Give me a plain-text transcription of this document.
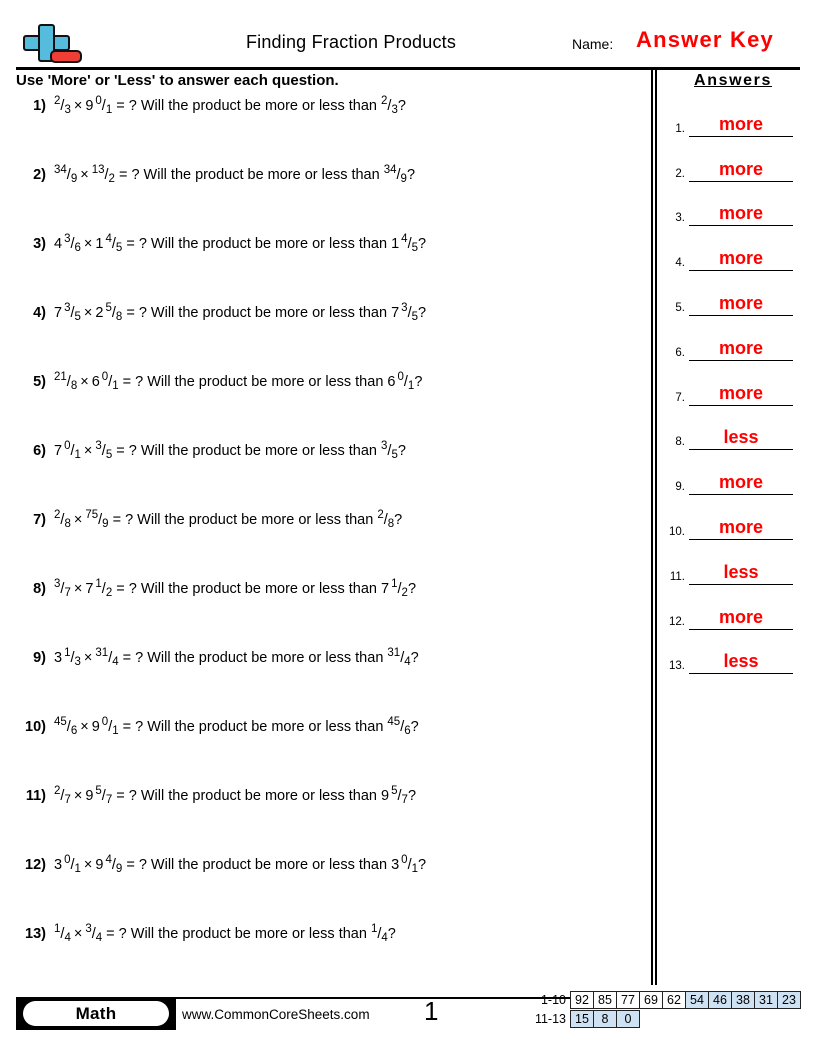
Finding Fraction Products	Name: Answer Key
Use 'More' or 'Less' to answer each question.
1) $^2/_3 \times 9$ $^0/_1$ = ? Will the product be more or less than $^2/_3$?
2) $^{34}/_9 \times ^{13}/_2$ = ? Will the product be more or less than $^{34}/_9$?
3) 4 $^3/_6 \times 1$ $^4/_5$ = ? Will the product be more or less than 1 $^4/_5$?
4) 7 $^3/_5 \times 2$ $^5/_8$ = ? Will the product be more or less than 7 $^3/_5$?
5) $^{21}/_8 \times 6$ $^0/_1$ = ? Will the product be more or less than 6 $^0/_1$?
6) 7 $^0/_1 \times ^3/_5$ = ? Will the product be more or less than $^3/_5$?
7) $^2/_8 \times ^{75}/_9$ = ? Will the product be more or less than $^2/_8$?
8) $^3/_7 \times 7$ $^1/_2$ = ? Will the product be more or less than 7 $^1/_2$?
9) 3 $^1/_3 \times ^{31}/_4$ = ? Will the product be more or less than $^{31}/_4$?
10) $^{45}/_6 \times 9$ $^0/_1$ = ? Will the product be more or less than $^{45}/_6$?
11) $^2/_7 \times 9$ $^5/_7$ = ? Will the product be more or less than 9 $^5/_7$?
12) 3 $^0/_1 \times 9$ $^4/_9$ = ? Will the product be more or less than 3 $^0/_1$?
13) $^1/_4 \times ^3/_4$ = ? Will the product be more or less than $^1/_4$?
Answers
1.	more
2.	more
3.	more
4.	more
5.	more
6.	more
7.	more
8.	less
9.	more
10.	more
11.	less
12.	more
13.	less
Math	www.CommonCoreSheets.com 1	1-10 92 85 77 69 62 54 46 38 31 23
11-13 15	8	0
